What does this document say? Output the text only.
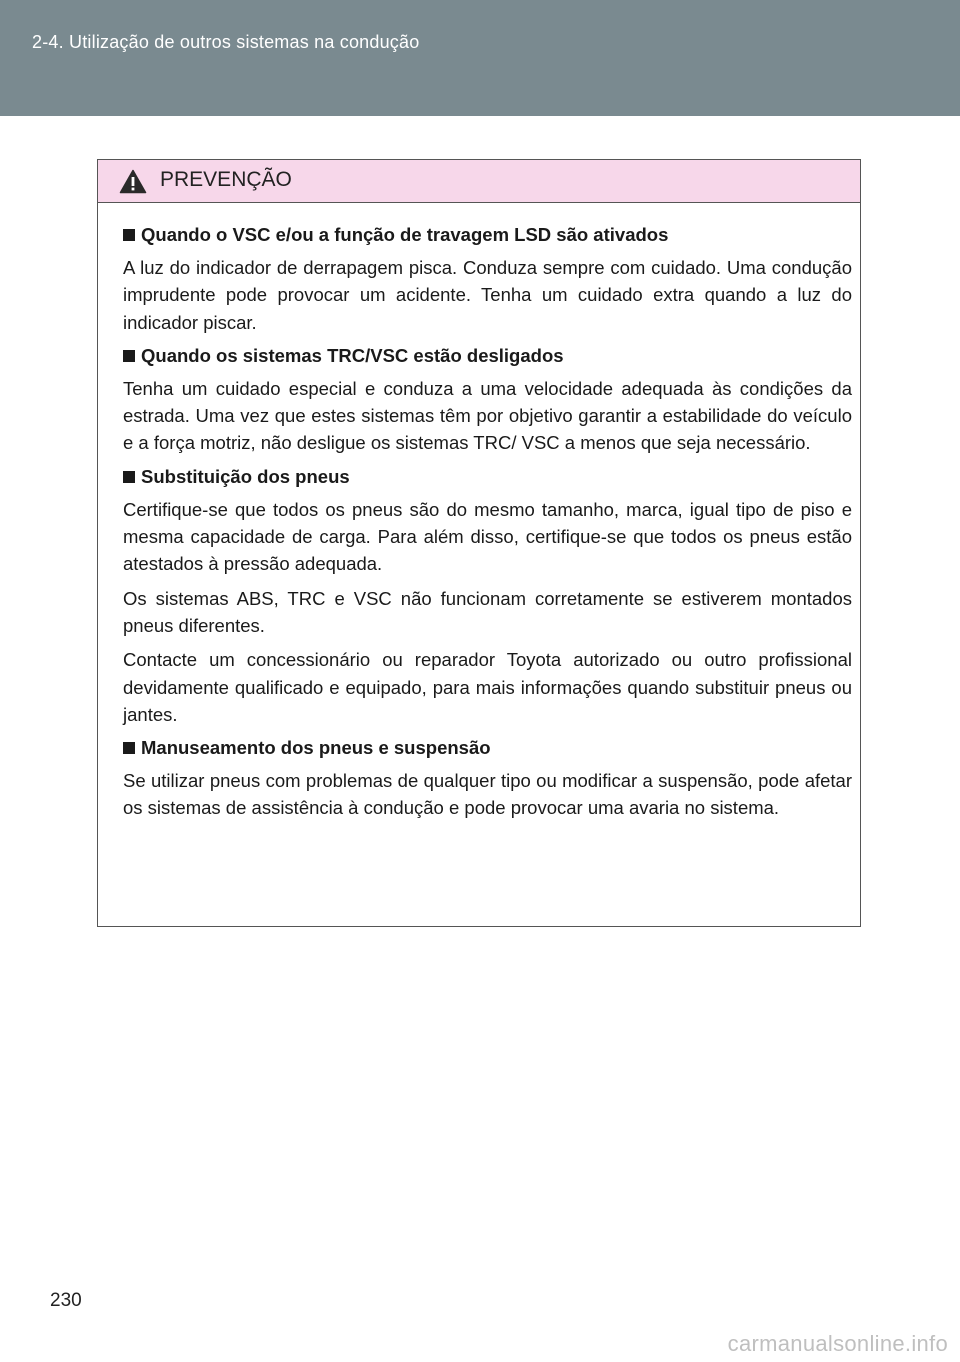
2-4. Utilização de outros sistemas na condução
PREVENÇÃO
Quando o VSC e/ou a função de travagem LSD são ativados

A luz do indicador de derrapagem pisca. Conduza sempre com cuidado. Uma condução imprudente pode provocar um acidente. Tenha um cuidado extra quando a luz do indicador piscar.

Quando os sistemas TRC/VSC estão desligados

Tenha um cuidado especial e conduza a uma velocidade adequada às condições da estrada. Uma vez que estes sistemas têm por objetivo garantir a estabilidade do veículo e a força motriz, não desligue os sistemas TRC/ VSC a menos que seja necessário.

Substituição dos pneus

Certifique-se que todos os pneus são do mesmo tamanho, marca, igual tipo de piso e mesma capacidade de carga. Para além disso, certifique-se que todos os pneus estão atestados à pressão adequada.

Os sistemas ABS, TRC e VSC não funcionam corretamente se estiverem montados pneus diferentes.

Contacte um concessionário ou reparador Toyota autorizado ou outro profissional devidamente qualificado e equipado, para mais informações quando substituir pneus ou jantes.

Manuseamento dos pneus e suspensão

Se utilizar pneus com problemas de qualquer tipo ou modificar a suspensão, pode afetar os sistemas de assistência à condução e pode provocar uma avaria no sistema.

230
carmanualsonline.info
